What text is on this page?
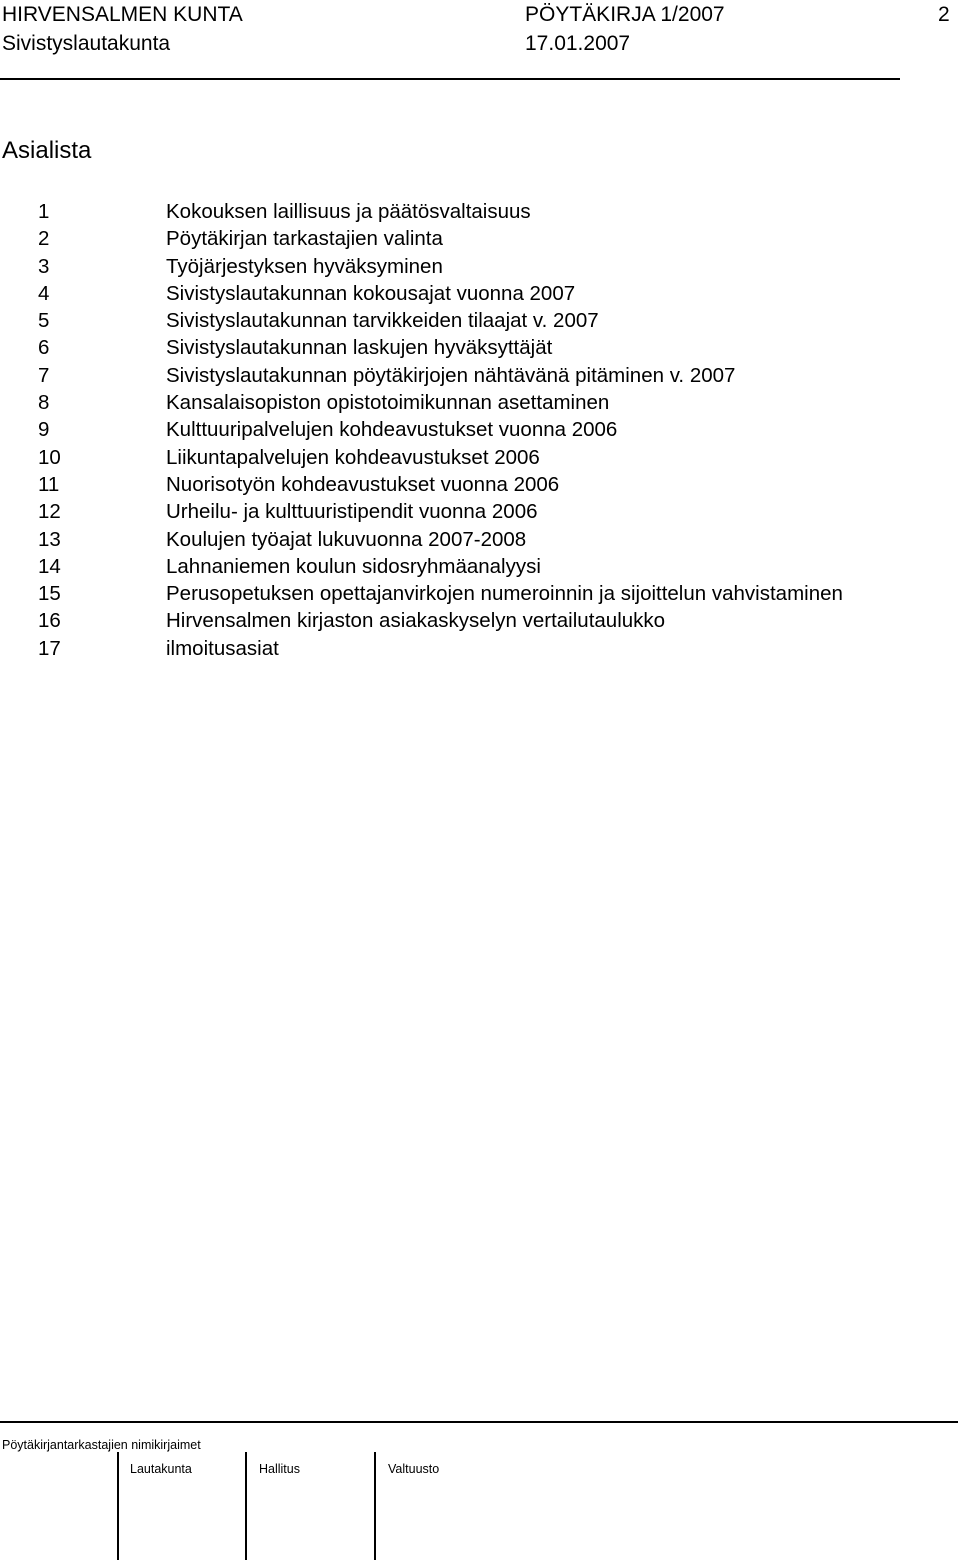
HIRVENSALMEN KUNTA	PÖYTÄKIRJA 1/2007	2
Sivistyslautakunta	17.01.2007
Asialista
1	Kokouksen laillisuus ja päätösvaltaisuus
2	Pöytäkirjan tarkastajien valinta
3	Työjärjestyksen hyväksyminen
4	Sivistyslautakunnan kokousajat vuonna 2007
5	Sivistyslautakunnan tarvikkeiden tilaajat v. 2007
6	Sivistyslautakunnan laskujen hyväksyttäjät
7	Sivistyslautakunnan pöytäkirjojen nähtävänä pitäminen v. 2007
8	Kansalaisopiston opistotoimikunnan asettaminen
9	Kulttuuripalvelujen kohdeavustukset vuonna 2006
10	Liikuntapalvelujen kohdeavustukset 2006
11	Nuorisotyön kohdeavustukset vuonna 2006
12	Urheilu- ja kulttuuristipendit vuonna 2006
13	Koulujen työajat lukuvuonna 2007-2008
14	Lahnaniemen koulun sidosryhmäanalyysi
15	Perusopetuksen opettajanvirkojen numeroinnin ja sijoittelun vahvistaminen
16	Hirvensalmen kirjaston asiakaskyselyn vertailutaulukko
17	ilmoitusasiat
Pöytäkirjantarkastajien nimikirjaimet
Lautakunta	Hallitus	Valtuusto
